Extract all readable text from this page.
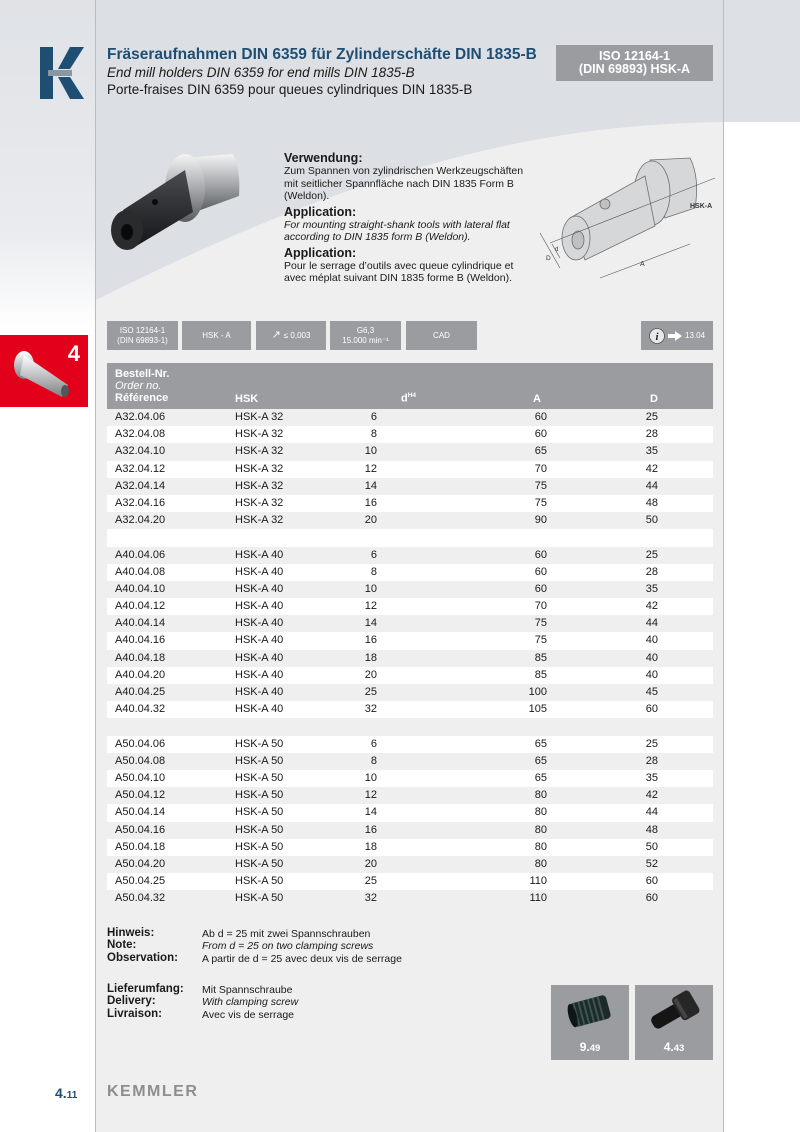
Fräseraufnahmen DIN 6359 für Zylinderschäfte DIN 1835-B
End mill holders DIN 6359 for end mills DIN 1835-B
Porte-fraises DIN 6359 pour queues cylindriques DIN 1835-B
ISO 12164-1
(DIN 69893) HSK-A
Verwendung:
Zum Spannen von zylindrischen Werkzeugschäften mit seitlicher Spannfläche nach DIN 1835 Form B (Weldon).
Application:
For mounting straight-shank tools with lateral flat according to DIN 1835 form B (Weldon).
Application:
Pour le serrage d’outils avec queue cylindrique et avec méplat suivant DIN 1835 forme B (Weldon).
HSK-A
A
D
d
ISO 12164-1
(DIN 69893-1)
HSK - A	↗ ≤ 0,003
G6,3
15.000 min⁻¹
CAD	i	13.04
4
Bestell-Nr.
Order no.
Référence	HSK	$d^{H4}$	A	D
A32.04.06	HSK-A 32	6	60	25
A32.04.08	HSK-A 32	8	60	28
A32.04.10	HSK-A 32	10	65	35
A32.04.12	HSK-A 32	12	70	42
A32.04.14	HSK-A 32	14	75	44
A32.04.16	HSK-A 32	16	75	48
A32.04.20	HSK-A 32	20	90	50
A40.04.06	HSK-A 40	6	60	25
A40.04.08	HSK-A 40	8	60	28
A40.04.10	HSK-A 40	10	60	35
A40.04.12	HSK-A 40	12	70	42
A40.04.14	HSK-A 40	14	75	44
A40.04.16	HSK-A 40	16	75	40
A40.04.18	HSK-A 40	18	85	40
A40.04.20	HSK-A 40	20	85	40
A40.04.25	HSK-A 40	25	100	45
A40.04.32	HSK-A 40	32	105	60
A50.04.06	HSK-A 50	6	65	25
A50.04.08	HSK-A 50	8	65	28
A50.04.10	HSK-A 50	10	65	35
A50.04.12	HSK-A 50	12	80	42
A50.04.14	HSK-A 50	14	80	44
A50.04.16	HSK-A 50	16	80	48
A50.04.18	HSK-A 50	18	80	50
A50.04.20	HSK-A 50	20	80	52
A50.04.25	HSK-A 50	25	110	60
A50.04.32	HSK-A 50	32	110	60
Hinweis:
Note:
Observation:
Ab d = 25 mit zwei Spannschrauben
From d = 25 on two clamping screws
A partir de d = 25 avec deux vis de serrage
Lieferumfang:
Delivery:
Livraison:
Mit Spannschraube
With clamping screw
Avec vis de serrage
9.49	4.43
4.11 KEMMLER
